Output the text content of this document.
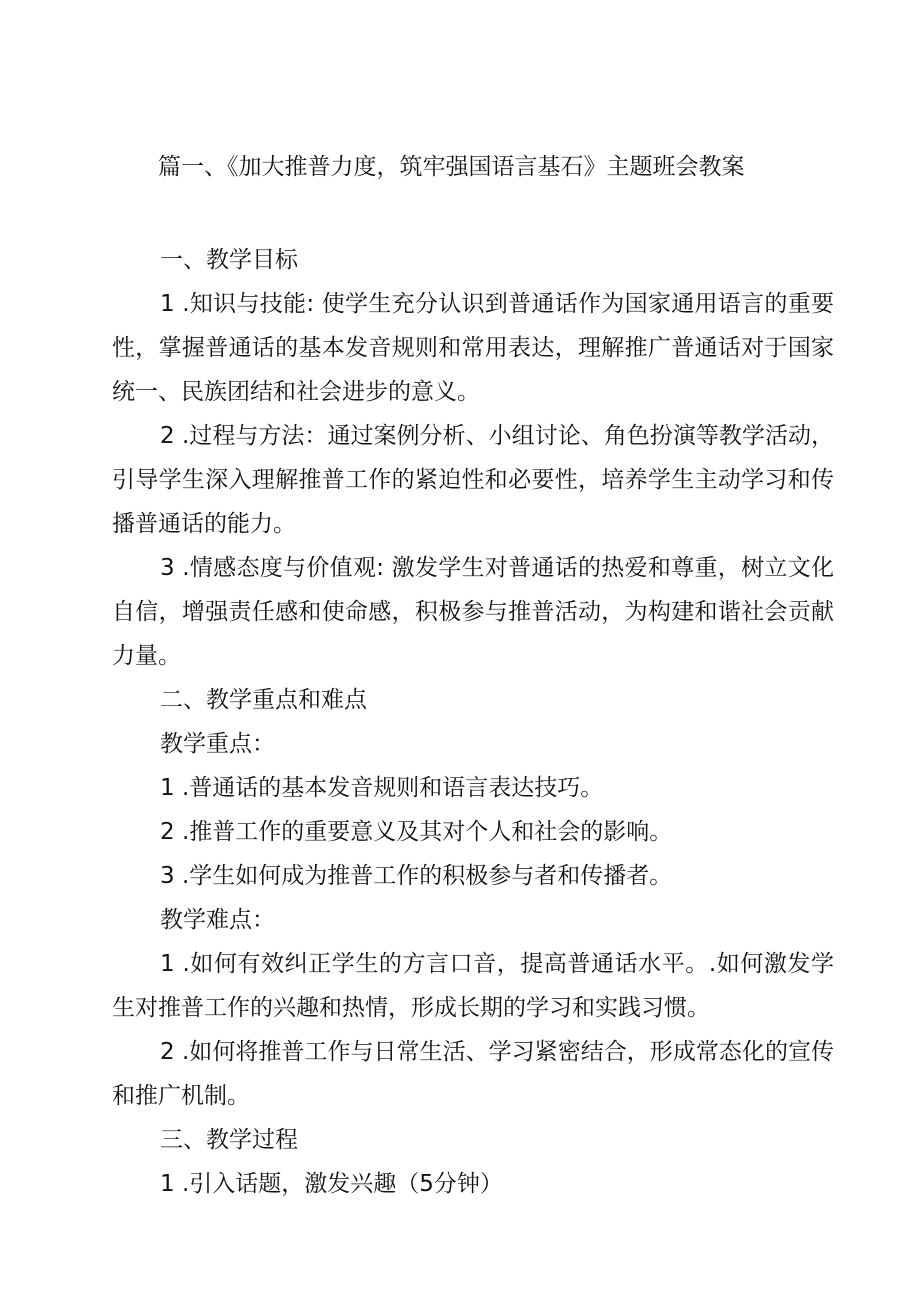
篇一、《加大推普力度，筑牢强国语言基石》主题班会教案

一、教学目标

1 .知识与技能: 使学生充分认识到普通话作为国家通用语言的重要性，掌握普通话的基本发音规则和常用表达，理解推广普通话对于国家统一、民族团结和社会进步的意义。

2 .过程与方法：通过案例分析、小组讨论、角色扮演等教学活动，引导学生深入理解推普工作的紧迫性和必要性，培养学生主动学习和传播普通话的能力。

3 .情感态度与价值观: 激发学生对普通话的热爱和尊重，树立文化自信，增强责任感和使命感，积极参与推普活动，为构建和谐社会贡献力量。

二、教学重点和难点

教学重点：

1 .普通话的基本发音规则和语言表达技巧。

2 .推普工作的重要意义及其对个人和社会的影响。

3 .学生如何成为推普工作的积极参与者和传播者。

教学难点：

1 .如何有效纠正学生的方言口音，提高普通话水平。.如何激发学生对推普工作的兴趣和热情，形成长期的学习和实践习惯。

2 .如何将推普工作与日常生活、学习紧密结合，形成常态化的宣传和推广机制。

三、教学过程

1 .引入话题，激发兴趣（5分钟）
